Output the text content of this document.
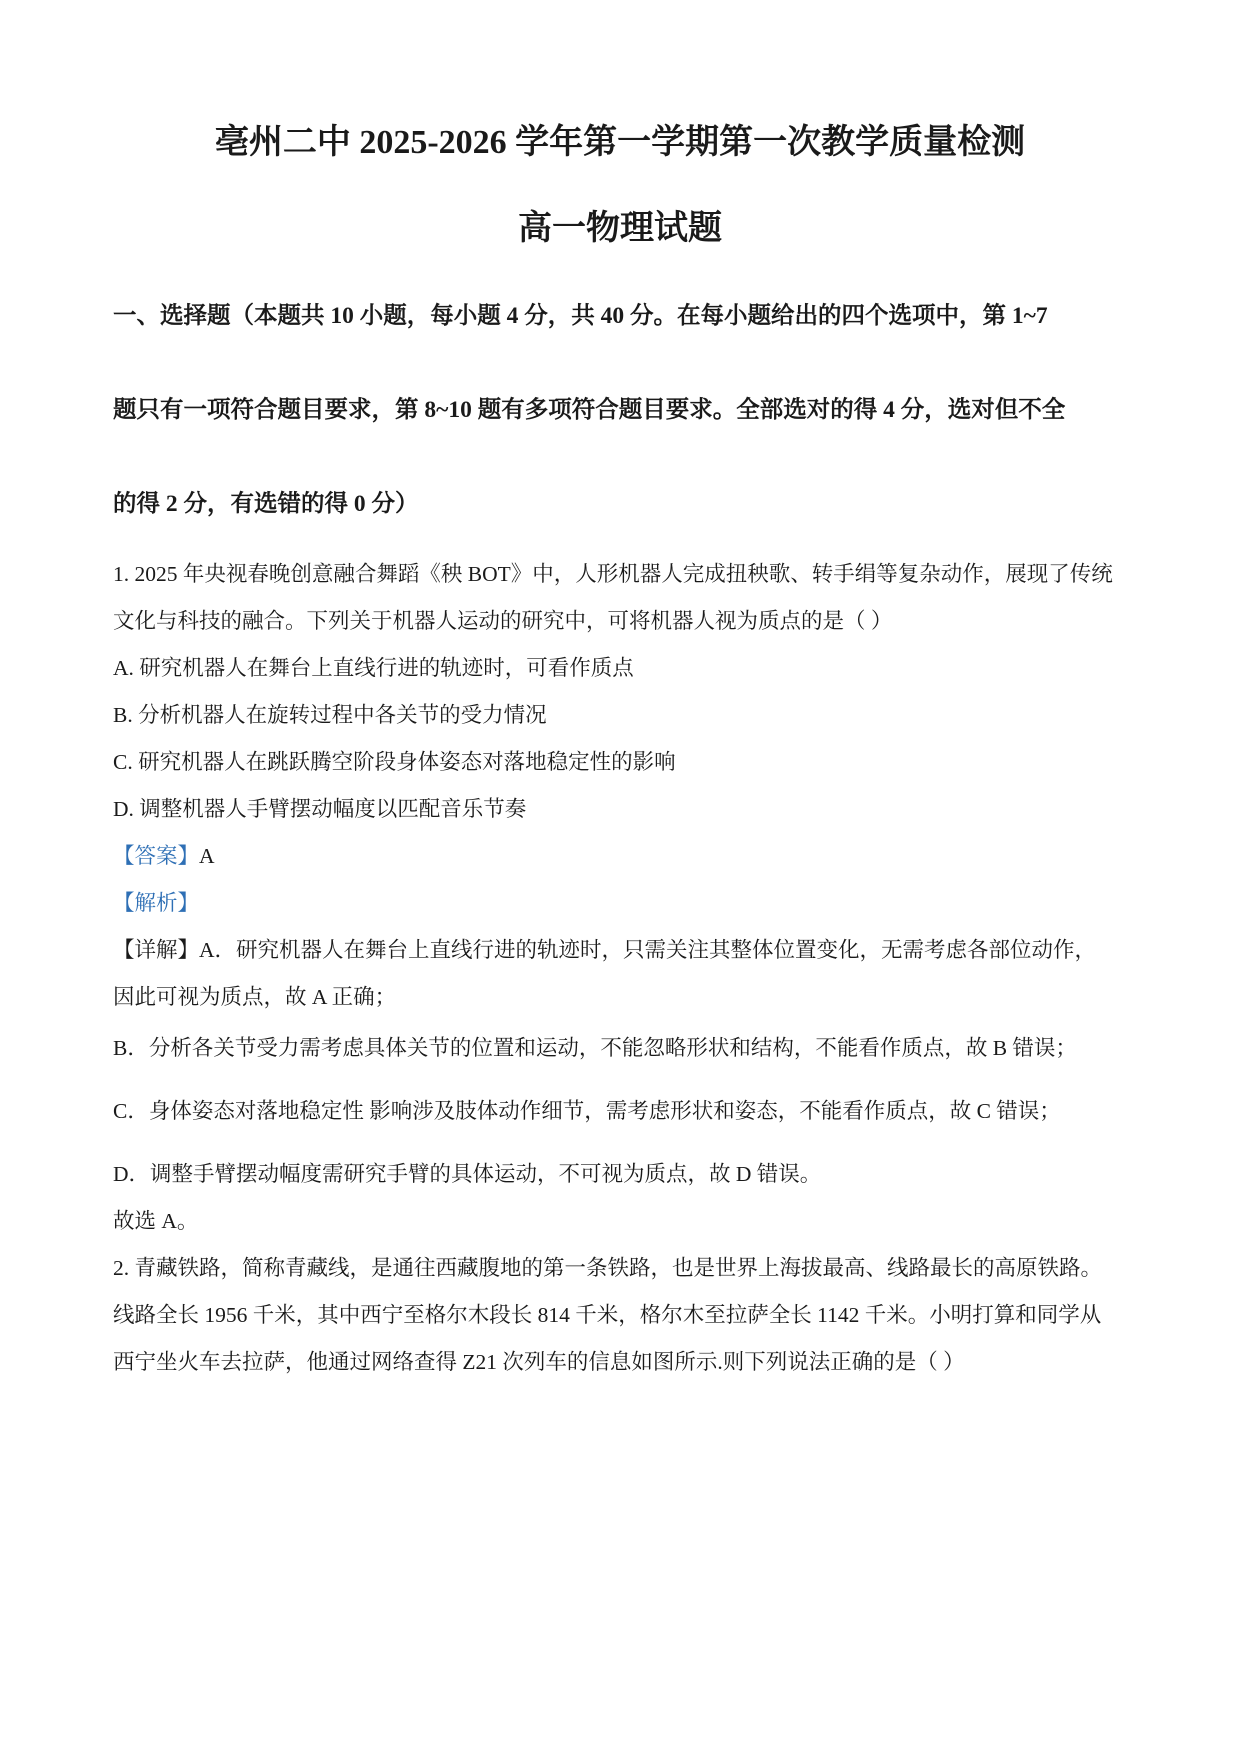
亳州二中 2025-2026 学年第一学期第一次教学质量检测
高一物理试题
一、选择题（本题共 10 小题，每小题 4 分，共 40 分。在每小题给出的四个选项中，第 1~7
题只有一项符合题目要求，第 8~10 题有多项符合题目要求。全部选对的得 4 分，选对但不全
的得 2 分，有选错的得 0 分）
1. 2025 年央视春晚创意融合舞蹈《秧 BOT》中，人形机器人完成扭秧歌、转手绢等复杂动作，展现了传统
文化与科技的融合。下列关于机器人运动的研究中，可将机器人视为质点的是（ ）
A. 研究机器人在舞台上直线行进的轨迹时，可看作质点
B. 分析机器人在旋转过程中各关节的受力情况
C. 研究机器人在跳跃腾空阶段身体姿态对落地稳定性的影响
D. 调整机器人手臂摆动幅度以匹配音乐节奏
【答案】A
【解析】
【详解】A．研究机器人在舞台上直线行进的轨迹时，只需关注其整体位置变化，无需考虑各部位动作，
因此可视为质点，故 A 正确；
B．分析各关节受力需考虑具体关节的位置和运动，不能忽略形状和结构，不能看作质点，故 B 错误；
C．身体姿态对落地稳定性 影响涉及肢体动作细节，需考虑形状和姿态，不能看作质点，故 C 错误；
D．调整手臂摆动幅度需研究手臂的具体运动，不可视为质点，故 D 错误。
故选 A。
2. 青藏铁路，简称青藏线，是通往西藏腹地的第一条铁路，也是世界上海拔最高、线路最长的高原铁路。
线路全长 1956 千米，其中西宁至格尔木段长 814 千米，格尔木至拉萨全长 1142 千米。小明打算和同学从
西宁坐火车去拉萨，他通过网络查得 Z21 次列车的信息如图所示.则下列说法正确的是（ ）
